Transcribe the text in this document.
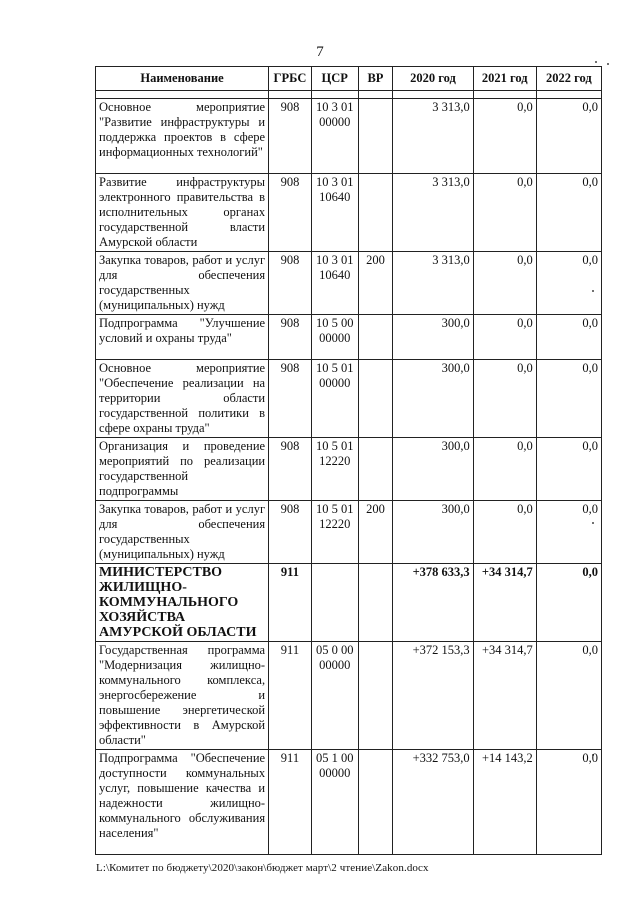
7
Наименование	ГРБС	ЦСР	ВР	2020 год	2021 год	2022 год

Основное мероприятие "Развитие инфраструктуры и поддержка проектов в сфере информационных технологий"	908	10 3 01 00000		3 313,0	0,0	0,0
Развитие инфраструктуры электронного правительства в исполнительных органах государственной власти Амурской области	908	10 3 01 10640		3 313,0	0,0	0,0
Закупка товаров, работ и услуг для обеспечения государственных (муниципальных) нужд	908	10 3 01 10640	200	3 313,0	0,0	0,0
Подпрограмма "Улучшение условий и охраны труда"	908	10 5 00 00000		300,0	0,0	0,0
Основное мероприятие "Обеспечение реализации на территории области государственной политики в сфере охраны труда"	908	10 5 01 00000		300,0	0,0	0,0
Организация и проведение мероприятий по реализации государственной подпрограммы	908	10 5 01 12220		300,0	0,0	0,0
Закупка товаров, работ и услуг для обеспечения государственных (муниципальных) нужд	908	10 5 01 12220	200	300,0	0,0	0,0
МИНИСТЕРСТВО ЖИЛИЩНО-КОММУНАЛЬНОГО ХОЗЯЙСТВА АМУРСКОЙ ОБЛАСТИ	911			+378 633,3	+34 314,7	0,0
Государственная программа "Модернизация жилищно-коммунального комплекса, энергосбережение и повышение энергетической эффективности в Амурской области"	911	05 0 00 00000		+372 153,3	+34 314,7	0,0
Подпрограмма "Обеспечение доступности коммунальных услуг, повышение качества и надежности жилищно-коммунального обслуживания населения"	911	05 1 00 00000		+332 753,0	+14 143,2	0,0
L:\Комитет по бюджету\2020\закон\бюджет март\2 чтение\Zakon.docx
